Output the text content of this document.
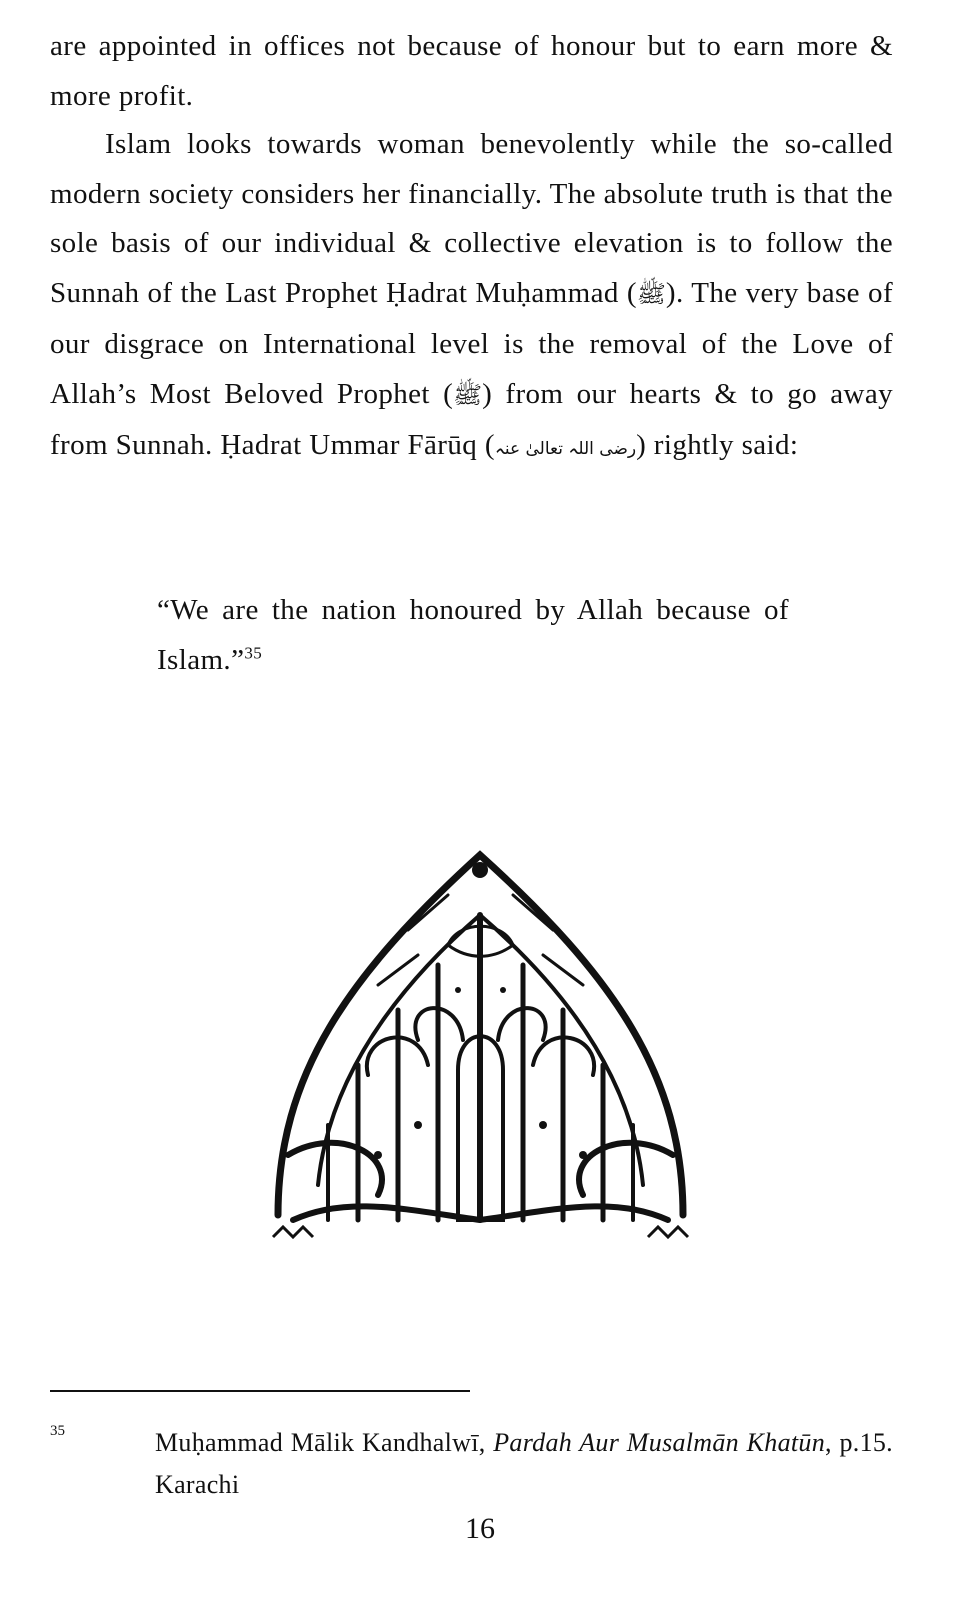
are appointed in offices not because of honour but to earn more & more profit.

Islam looks towards woman benevolently while the so-called modern society considers her financially. The absolute truth is that the sole basis of our individual & collective elevation is to follow the Sunnah of the Last Prophet Ḥadrat Muḥammad (ﷺ). The very base of our disgrace on International level is the removal of the Love of Allah’s Most Beloved Prophet (ﷺ) from our hearts & to go away from Sunnah. Ḥadrat Ummar Fārūq (رضی اللہ تعالیٰ عنہ) rightly said:

“We are the nation honoured by Allah because of Islam.”$^{35}$

35	Muḥammad Mālik Kandhalwī, Pardah Aur Musalmān Khatūn, p.15. Karachi

16
